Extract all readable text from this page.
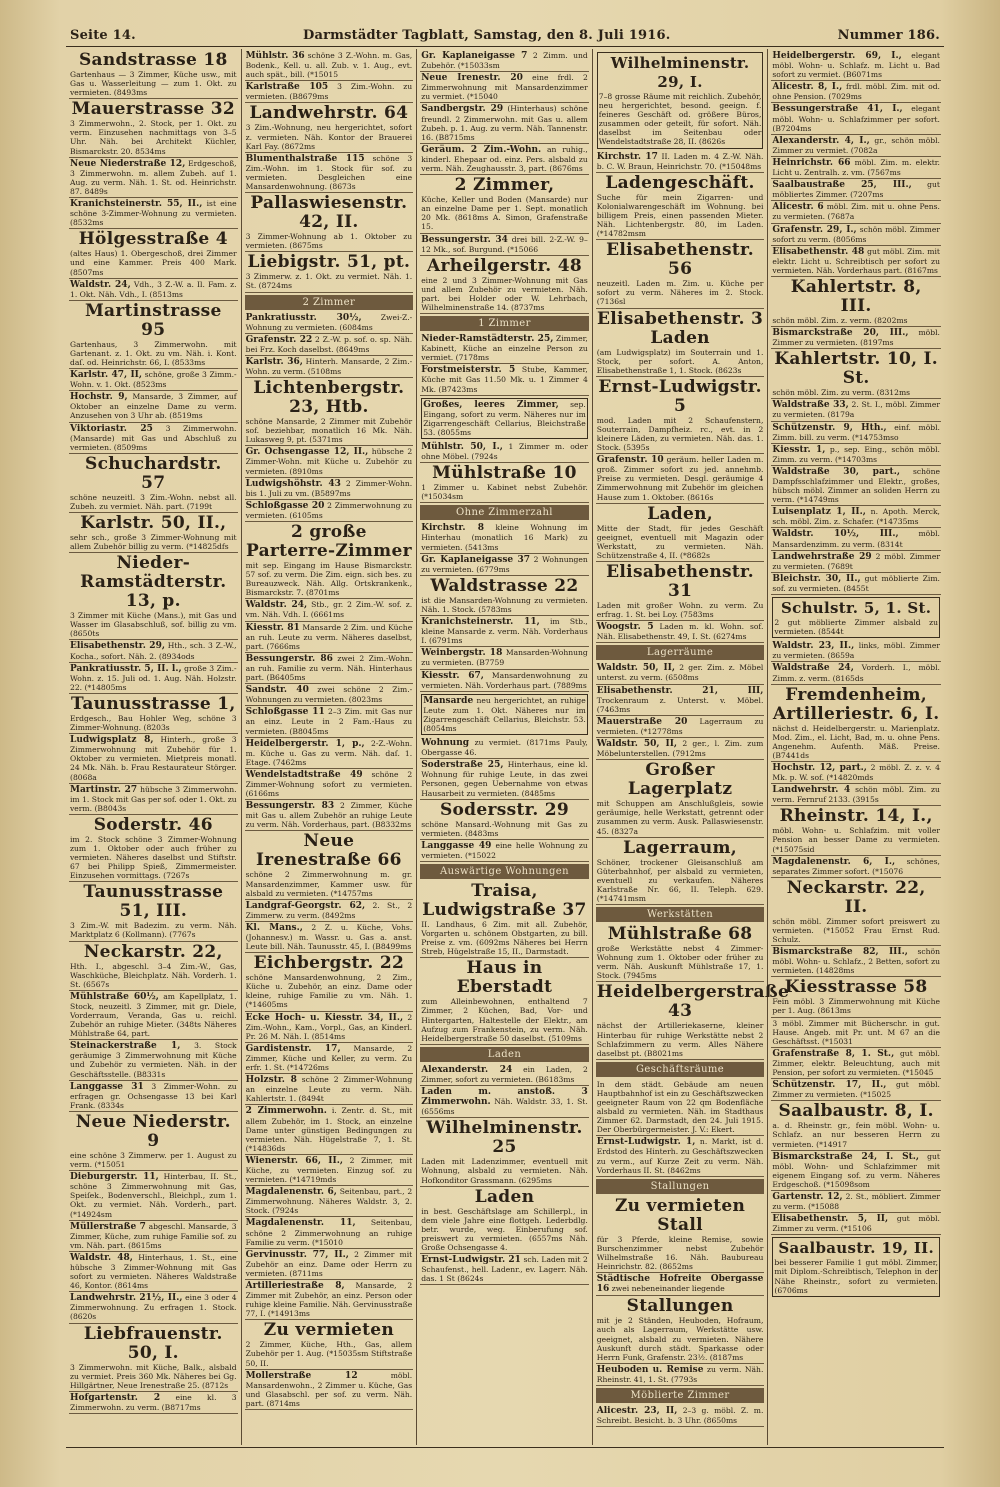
Seite 14.	Darmstädter Tagblatt, Samstag, den 8. Juli 1916.	Nummer 186.
Sandstrasse 18
Gartenhaus — 3 Zimmer, Küche usw., mit Gas u. Wasserleitung — zum 1. Okt. zu vermieten. (8493ms
Mauerstrasse 32
3 Zimmerwohn., 2. Stock, per 1. Okt. zu verm. Einzusehen nachmittags von 3–5 Uhr. Näh. bei Architekt Küchler, Bismarckstr. 20. 8534ms
Neue Niederstraße 12, Erdgeschoß, 3 Zimmerwohn. m. allem Zubeh. auf 1. Aug. zu verm. Näh. 1. St. od. Heinrichstr. 87. 8489s
Kranichsteinerstr. 55, II., ist eine schöne 3-Zimmer-Wohnung zu vermieten. (8532ms
Hölgesstraße 4
(altes Haus) 1. Obergeschoß, drei Zimmer und eine Kammer. Preis 400 Mark. (8507ms
Waldstr. 24, Vdh., 3 Z.-W. a. Il. Fam. z. 1. Okt. Näh. Vdh., I. (8513ms
Martinstrasse 95
Gartenhaus, 3 Zimmerwohn. mit Gartenant. z. 1. Okt. zu vm. Näh. i. Kont. daſ. od. Heinrichstr. 66, I. (8533ms
Karlstr. 47, II, schöne, große 3 Zimm.-Wohn. v. 1. Okt. (8523ms
Hochstr. 9, Mansarde, 3 Zimmer, auf Oktober an einzelne Dame zu verm. Anzusehen von 3 Uhr ab. (8519ms
Viktoriastr. 25 3 Zimmerwohn. (Mansarde) mit Gas und Abschluß zu vermieten. (8509ms
Schuchardstr. 57
schöne neuzeitl. 3 Zim.-Wohn. nebst all. Zubeh. zu vermiet. Näh. part. (7199t
Karlstr. 50, II.,
sehr sch., große 3 Zimmer-Wohnung mit allem Zubehör billig zu verm. (*14825dfs
Nieder-Ramstädterstr. 13, p.
3 Zimmer mit Küche (Mans.), mit Gas und Wasser im Glasabschluß, sof. billig zu vm. (8650ts
Elisabethenstr. 29, Hth., sch. 3 Z.-W., Kocha., sofort. Näh. 2. (8934ods
Pankratiusstr. 5, II. l., große 3 Zim.-Wohn. z. 15. Juli od. 1. Aug. Näh. Holzstr. 22. (*14805ms
Taunusstrasse 1,
Erdgesch., Bau Hohler Weg, schöne 3 Zimmer-Wohnung. (8203s
Ludwigsplatz 8, Hinterh., große 3 Zimmerwohnung mit Zubehör für 1. Oktober zu vermieten. Mietpreis monatl. 24 Mk. Näh. b. Frau Restaurateur Störger. (8068a
Martinstr. 27 hübsche 3 Zimmerwohn. im 1. Stock mit Gas per sof. oder 1. Okt. zu verm. (B8043s
Soderstr. 46
im 2. Stock schöne 3 Zimmer-Wohnung zum 1. Oktober oder auch früher zu vermieten. Näheres daselbst und Stiftstr. 67 bei Philipp Spieß, Zimmermeister. Einzusehen vormittags. (7267s
Taunusstrasse 51, III.
3 Zim.-W. mit Badezim. zu verm. Näh. Marktplatz 6 (Kollmann). (7767s
Neckarstr. 22,
Hth. I., abgeschl. 3–4 Zim.-W., Gas, Waschküche, Bleichplatz. Näh. Vorderh. 1. St. (6567s
Mühlstraße 60½, am Kapellplatz, 1. Stock, neuzeitl. 3 Zimmer, mit gr. Diele, Vorderraum, Veranda, Gas u. reichl. Zubehör an ruhige Mieter. (348ts Näheres Mühlstraße 64, part.
Steinackerstraße 1, 3. Stock geräumige 3 Zimmerwohnung mit Küche und Zubehör zu vermieten. Näh. in der Geschäftsstelle. (B8331s
Langgasse 31 3 Zimmer-Wohn. zu erfragen gr. Ochsengasse 13 bei Karl Frank. (8334s
Neue Niederstr. 9
eine schöne 3 Zimmerw. per 1. August zu verm. (*15051
Dieburgerstr. 11, Hinterbau, II. St., schöne 3 Zimmerwohnung mit Gas, Speiſek., Bodenverschl., Bleichpl., zum 1. Okt. zu vermiet. Näh. Vorderh., part. (*14924sm
Müllerstraße 7 abgeschl. Mansarde, 3 Zimmer, Küche, zum ruhige Familie sof. zu vm. Näh. part. (8615ms
Waldstr. 48, Hinterhaus, 1. St., eine hübsche 3 Zimmer-Wohnung mit Gas sofort zu vermieten. Näheres Waldstraße 46, Kontor. (8614ms
Landwehrstr. 21½, II., eine 3 oder 4 Zimmerwohnung. Zu erfragen 1. Stock. (8620s
Liebfrauenstr. 50, I.
3 Zimmerwohn. mit Küche, Balk., alsbald zu vermiet. Preis 360 Mk. Näheres bei Gg. Hillgärtner, Neue Irenestraße 25. (8712s
Hofgartenstr. 2 eine kl. 3 Zimmerwohn. zu verm. (B8717ms
Mühlstr. 36 schöne 3 Z.-Wohn. m. Gas, Bodenk., Kell. u. all. Zub. v. 1. Aug., evt. auch spät., bill. (*15015
Karlstraße 105 3 Zim.-Wohn. zu vermieten. (B8679ms
Landwehrstr. 64
3 Zim.-Wohnung, neu hergerichtet, sofort z. vermieten. Näh. Kontor der Brauerei Karl Fay. (8672ms
Blumenthalstraße 115 schöne 3 Zim.-Wohn. im 1. Stock für sof. zu vermieten. Desgleichen eine Mansardenwohnung. (8673s
Pallaswiesenstr. 42, II.
3 Zimmer-Wohnung ab 1. Oktober zu vermieten. (8675ms
Liebigstr. 51, pt.
3 Zimmerw. z. 1. Okt. zu vermiet. Näh. 1. St. (8724ms
2 Zimmer
Pankratiusstr. 30½,	Zwei-Z.-Wohnung zu vermieten. (6084ms
Grafenstr. 22 2 Z.-W. p. sof. o. sp. Näh. bei Frz. Koch daselbst. (8649ms
Karlstr. 36, Hinterh. Mansarde, 2 Zim.-Wohn. zu verm. (5108ms
Lichtenbergstr. 23, Htb.
schöne Mansarde, 2 Zimmer mit Zubehör sof. beziehbar, monatlich 16 Mk. Näh. Lukasweg 9, pt. (5371ms
Gr. Ochsengasse 12, II., hübsche 2 Zimmer-Wohn. mit Küche u. Zubehör zu vermieten. (8910ms
Ludwigshöhstr. 43 2 Zimmer-Wohn. bis 1. Juli zu vm. (B5897ms
Schloßgasse 20 2 Zimmerwohnung zu vermieten. (6105ms
2 große Parterre-Zimmer
mit sep. Eingang im Hause Bismarckstr. 57 sof. zu verm. Die Zim. eign. sich bes. zu Bureauzweck. Näh. Allg. Ortskrankenk., Bismarckstr. 7. (8701ms
Waldstr. 24, Stb., gr. 2 Zim.-W. sof. z. vm. Näh. Vdh. I. (6661ms
Kiesstr. 81 Mansarde 2 Zim. und Küche an ruh. Leute zu verm. Näheres daselbst, part. (7666ms
Bessungerstr. 86 zwei 2 Zim.-Wohn. an ruh. Familie zu verm. Näh. Hinterhaus part. (B6405ms
Sandstr. 40 zwei schöne 2 Zim.-Wohnungen zu vermieten. (8023ms
Schloßgasse 11 2–3 Zim. mit Gas nur an einz. Leute in 2 Fam.-Haus zu vermieten. (B8045ms
Heidelbergerstr. 1, p., 2-Z.-Wohn. m. Küche u. Gas zu verm. Näh. daſ. 1. Etage. (7462ms
Wendelstadtstraße 49 schöne 2 Zimmer-Wohnung sofort zu vermieten. (6166ms
Bessungerstr. 83 2 Zimmer, Küche mit Gas u. allem Zubehör an ruhige Leute zu verm. Näh. Vorderhaus, part. (B8332ms
Neue Irenestraße 66
schöne 2 Zimmerwohnung m. gr. Mansardenzimmer, Kammer usw. für alsbald zu vermieten. (*14757ms
Landgraf-Georgstr. 62, 2. St., 2 Zimmerw. zu verm. (8492ms
Kl. Mans., 2 Z. u. Küche, Vohs. (Johannesv.) m. Wassr. u. Gas a. anst. Leute bill. Näh. Taunusstr. 45, I. (B8499ms
Eichbergstr. 22
schöne Mansardenwohnung, 2 Zim., Küche u. Zubehör, an einz. Dame oder kleine, ruhige Familie zu vm. Näh. 1. (*14605ms
Ecke Hoch- u. Kiesstr. 34, II., 2 Zim.-Wohn., Kam., Vorpl., Gas, an Kinderl. Pr. 26 M. Näh. I. (8514ms
Gardistenstr. 17, Mansarde, 2 Zimmer, Küche und Keller, zu verm. Zu erfr. 1. St. (*14726ms
Holzstr. 8 schöne 2 Zimmer-Wohnung an einzelne Leute zu verm. Näh. Kahlertstr. 1. (8494t
2 Zimmerwohn. i. Zentr. d. St., mit allem Zubehör, im 1. Stock, an einzelne Dame unter günstigen Bedingungen zu vermieten. Näh. Hügelstraße 7, 1. St. (*14836ds
Wienerstr. 66, II., 2 Zimmer, mit Küche, zu vermieten. Einzug sof. zu vermieten. (*14719mds
Magdalenenstr. 6, Seitenbau, part., 2 Zimmerwohnung. Näheres Waldstr. 3, 2. Stock. (7924s
Magdalenenstr. 11, Seitenbau, schöne 2 Zimmerwohnung an ruhige Familie zu verm. (*15010
Gervinusstr. 77, II., 2 Zimmer mit Zubehör an einz. Dame oder Herrn zu vermieten. (8711ms
Artilleriestraße 8, Mansarde, 2 Zimmer mit Zubehör, an einz. Person oder ruhige kleine Familie. Näh. Gervinusstraße 77, I. (*14913ms
Zu vermieten
2 Zimmer, Küche, Hth., Gas, allem Zubehör per 1. Aug. (*15035sm Stiftstraße 50, II.
Mollerstraße 12	möbl. Mansardenwohn., 2 Zimmer u. Küche, Gas und Glasabschl. per sof. zu verm. Näh. part. (8714ms
Gr. Kaplaneigasse 7 2 Zimm. und Zubehör. (*15033sm
Neue Irenestr. 20 eine frdl. 2 Zimmerwohnung mit Mansardenzimmer zu vermiet. (*15040
Sandbergstr. 29 (Hinterhaus) schöne freundl. 2 Zimmerwohn. mit Gas u. allem Zubeh. p. 1. Aug. zu verm. Näh. Tannenstr. 16. (B8715ms
Geräum. 2 Zim.-Wohn. an ruhig., kinderl. Ehepaar od. einz. Pers. alsbald zu verm. Näh. Zeughausstr. 3, part. (8676ms
2 Zimmer,
Küche, Keller und Boden (Mansarde) nur an einzelne Dame per 1. Sept. monatlich 20 Mk. (8618ms A. Simon, Grafenstraße 15.
Bessungerstr. 34 drei bill. 2-Z.-W. 9–12 Mk., sof. Burgund. (*15066
Arheilgerstr. 48
eine 2 und 3 Zimmer-Wohnung mit Gas und allem Zubehör zu vermieten. Näh. part. bei Holder oder W. Lehrbach, Wilhelminenstraße 14. (8737ms
1 Zimmer
Nieder-Ramstädterstr. 25, Zimmer, Kabinett, Küche an einzelne Person zu vermiet. (7178ms
Forstmeisterstr. 5 Stube, Kammer, Küche mit Gas 11.50 Mk. u. 1 Zimmer 4 Mk. (B7423ms
Großes, leeres Zimmer, sep. Eingang, sofort zu verm. Näheres nur im Zigarrengeschäft Cellarius, Bleichstraße 53. (8055ms
Mühlstr. 50, I., 1 Zimmer m. oder ohne Möbel. (7924s
Mühlstraße 10
1 Zimmer u. Kabinet nebst Zubehör. (*15034sm
Ohne Zimmerzahl
Kirchstr. 8 kleine Wohnung im Hinterhau (monatlich 16 Mark) zu vermieten. (5413ms
Gr. Kaplaneigasse 37 2 Wohnungen zu vermieten. (6779ms
Waldstrasse 22
ist die Mansarden-Wohnung zu vermieten. Näh. 1. Stock. (5783ms
Kranichsteinerstr. 11, im Stb., kleine Mansarde z. verm. Näh. Vorderhaus I. (6791ms
Weinbergstr. 18 Mansarden-Wohnung zu vermieten. (B7759
Kiesstr. 67, Mansardenwohnung zu vermieten. Näh. Vorderhaus part. (7889ms
Mansarde neu hergerichtet, an ruhige Leute zum 1. Okt. Näheres nur im Zigarrengeschäft Cellarius, Bleichstr. 53. (8054ms
Wohnung zu vermiet. (8171ms Pauly, Obergasse 46.
Soderstraße 25, Hinterhaus, eine kl. Wohnung für ruhige Leute, in das zwei Personen, gegen Uebernahme von etwas Hausarbeit zu vermieten. (8485ms
Sodersstr. 29
schöne Mansard.-Wohnung mit Gas zu vermieten. (8483ms
Langgasse 49 eine helle Wohnung zu vermieten. (*15022
Auswärtige Wohnungen
Traisa, Ludwigstraße 37
II. Landhaus, 6 Zim. mit all. Zubehör, Vorgarten u. schönem Obstgarten, zu bill. Preise z. vm. (6092ms Näheres bei Herrn Streb, Hügelstraße 15, II., Darmstadt.
Haus in Eberstadt
zum Alleinbewohnen, enthaltend 7 Zimmer, 2 Küchen, Bad, Vor- und Hintergarten, Haltestelle der Elektr., am Aufzug zum Frankenstein, zu verm. Näh. Heidelbergerstraße 50 daselbst. (5109ms
Laden
Alexanderstr. 24 ein Laden, 2 Zimmer, sofort zu vermieten. (B6183ms
Laden m. anstoß. 3 Zimmerwohn. Näh. Waldstr. 33, 1. St. (6556ms
Wilhelminenstr. 25
Laden mit Ladenzimmer, eventuell mit Wohnung, alsbald zu vermieten. Näh. Hofkonditor Grassmann. (6295ms
Laden
in best. Geschäftslage am Schillerpl., in dem viele Jahre eine flottgeh. Lederbdlg. betr. wurde, weg. Einberufung sof. preiswert zu vermieten. (6557ms Näh. Große Ochsengasse 4.
Ernst-Ludwigstr. 21 sch. Laden mit 2 Schaufenst., hell. Ladenr., ev. Lagerr. Näh. das. 1 St (8624s
Wilhelminenstr. 29, I.
7–8 grosse Räume mit reichlich. Zubehör, neu hergerichtet, besond. geeign. f. feineres Geschäft od. größere Büros, zusammen oder geteilt, für sofort. Näh. daselbst im Seitenbau oder Wendelstadtstraße 28, II. (8626s
Kirchstr. 17 II. Laden m. 4 Z.-W. Näh. b. C. W. Braun, Heinrichstr. 70. (*15048ms
Ladengeschäft.
Suche für mein Zigarren- und Kolonialwarengeschäft im Wohnung. bei billigem Preis, einen passenden Mieter. Näh. Lichtenbergstr. 80, im Laden. (*14782msm
Elisabethenstr. 56
neuzeitl. Laden m. Zim. u. Küche per sofort zu verm. Näheres im 2. Stock. (7136sl
Elisabethenstr. 3 Laden
(am Ludwigsplatz) im Souterrain und 1. Stock, per sofort. A. Anton, Elisabethenstraße 1, 1. Stock. (8623s
Ernst-Ludwigstr. 5
mod. Laden mit 2 Schaufenstern, Souterrain, Dampfheiz. rc., evt. in 2 kleinere Läden, zu vermieten. Näh. das. 1. Stock. (5395s
Grafenstr. 10 geräum. heller Laden m. groß. Zimmer sofort zu jed. annehmb. Preise zu vermieten. Desgl. geräumige 4 Zimmerwohnung mit Zubehör im gleichen Hause zum 1. Oktober. (8616s
Laden,
Mitte der Stadt, für jedes Geschäft geeignet, eventuell mit Magazin oder Werkstatt, zu vermieten. Näh. Schützenstraße 4, II. (*8682s
Elisabethenstr. 31
Laden mit großer Wohn. zu verm. Zu erfrag. 1. St. bei Loy. (7583ms
Woogstr. 5 Laden m. kl. Wohn. sof. Näh. Elisabethenstr. 49, I. St. (6274ms
Lagerräume
Waldstr. 50, II, 2 ger. Zim. z. Möbel unterst. zu verm. (6508ms
Elisabethenstr. 21, III, Trockenraum z. Unterst. v. Möbel. (7463ms
Mauerstraße 20 Lagerraum zu vermieten. (*12778ms
Waldstr. 50, II, 2 ger., l. Zim. zum Möbelunterstellen. (7912ms
Großer Lagerplatz
mit Schuppen am Anschlußgleis, sowie geräumige, helle Werkstatt, getrennt oder zusammen zu verm. Ausk. Pallaswiesenstr. 45. (8327a
Lagerraum,
Schöner, trockener Gleisanschluß am Güterbahnhof, per alsbald zu vermieten, eventuell zu verkaufen. Näheres Karlstraße Nr. 66, II. Teleph. 629. (*14741msm
Werkstätten
Mühlstraße 68
große Werkstätte nebst 4 Zimmer-Wohnung zum 1. Oktober oder früher zu verm. Näh. Auskunft Mühlstraße 17, 1. Stock. (7945ms
Heidelbergerstraße 43
nächst der Artilleriekaserne, kleiner Hinterbau für ruhige Werkstätte nebst 2 Schlafzimmern zu verm. Alles Nähere daselbst pt. (B8021ms
Geschäftsräume
In dem städt. Gebäude am neuen Hauptbahnhof ist ein zu Geschäftszwecken geeigneter Raum von 22 qm Bodenfläche alsbald zu vermieten. Näh. im Stadthaus Zimmer 62. Darmstadt, den 24. Juli 1915. Der Oberbürgermeister. J. V.: Ekert.
Ernst-Ludwigstr. 1, n. Markt, ist d. Erdstod des Hinterh. zu Geschäftszwecken zu verm., auf Kurze Zeit zu verm. Näh. Vorderhaus II. St. (8462ms
Stallungen
Zu vermieten Stall
für 3 Pferde, kleine Remise, sowie Burschenzimmer nebst Zubehör Wilhelmstraße 16. Näh. Baubureau Heinrichstr. 82. (8652ms
Städtische Hofreite Obergasse 16 zwei nebeneinander liegende
Stallungen
mit je 2 Ständen, Heuboden, Hofraum, auch als Lagerraum, Werkstätte usw. geeignet, alsbald zu vermieten. Nähere Auskunft durch städt. Sparkasse oder Herrn Funk, Grafenstr. 23½. (8187ms
Heuboden u. Remise zu verm. Näh. Rheinstr. 41, 1. St. (7793s
Möblierte Zimmer
Alicestr. 23, II, 2–3 g. möbl. Z. m. Schreibt. Besicht. b. 3 Uhr. (8650ms
Heidelbergerstr. 69, I., elegant möbl. Wohn- u. Schlafz. m. Licht u. Bad sofort zu vermiet. (B6071ms
Alicestr. 8, I., frdl. möbl. Zim. mit od. ohne Pension. (7029ms
Bessungerstraße 41, I., elegant möbl. Wohn- u. Schlafzimmer per sofort. (B7204ms
Alexanderstr. 4, I., gr., schön möbl. Zimmer zu vermiet. (7082a
Heinrichstr. 66 möbl. Zim. m. elektr. Licht u. Zentralh. z. vm. (7567ms
Saalbaustraße 25, III., gut möbliertes Zimmer. (7207ms
Alicestr. 6 möbl. Zim. mit u. ohne Pens. zu vermieten. (7687a
Grafenstr. 29, I., schön möbl. Zimmer sofort zu verm. (8056ms
Elisabethenstr. 48 gut möbl. Zim. mit elektr. Licht u. Schreibtisch per sofort zu vermieten. Näh. Vorderhaus part. (8167ms
Kahlertstr. 8, III.
schön möbl. Zim. z. verm. (8202ms
Bismarckstraße 20, III., möbl. Zimmer zu vermieten. (8197ms
Kahlertstr. 10, I. St.
schön möbl. Zim. zu verm. (8312ms
Waldstraße 33, 2. St. I., möbl. Zimmer zu vermieten. (8179a
Schützenstr. 9, Hth., einf. möbl. Zimm. bill. zu verm. (*14753mso
Kiesstr. 1, p., sep. Eing., schön möbl. Zimm. zu verm. (*14703ms
Waldstraße 30, part., schöne Dampfsschlafzimmer und Elektr., großes, hübsch möbl. Zimmer an soliden Herrn zu verm. (*14749ms
Luisenplatz 1, II., n. Apoth. Merck, sch. möbl. Zim. z. Schafer. (*14735ms
Waldstr. 10½, III.,	möbl. Mansardenzimm. zu verm. (8314t
Landwehrstraße 29 2 möbl. Zimmer zu vermieten. (7689t
Bleichstr. 30, II., gut möblierte Zim. sof. zu vermieten. (8455t
Schulstr. 5, 1. St.
2 gut möblierte Zimmer alsbald zu vermieten. (8544t
Waldstr. 23, II., links, möbl. Zimmer zu vermieten. (8659a
Waldstraße 24, Vorderh. I., möbl. Zimm. z. verm. (8165ds
Fremdenheim, Artilleriestr. 6, I.
nächst d. Heidelbergerstr. u. Marienplatz. Mod. Zim., el. Licht, Bad, m. u. ohne Pens. Angenehm. Aufenth. Mäß. Preise. (B7441ds
Hochstr. 12, part., 2 möbl. Z. z. v. 4 Mk. p. W. sof. (*14820mds
Landwehrstr. 4 schön möbl. Zim. zu verm. Fernruf 2133. (3915s
Rheinstr. 14, I.,
möbl. Wohn- u. Schlafzim. mit voller Pension an besser Dame zu vermieten. (*15075sid
Magdalenenstr. 6, I., schönes, separates Zimmer sofort. (*15076
Neckarstr. 22, II.
schön möbl. Zimmer sofort preiswert zu vermieten. (*15052 Frau Ernst Rud. Schulz.
Bismarckstraße 82, III., schön möbl. Wohn- u. Schlafz., 2 Betten, sofort zu vermieten. (14828ms
Kiesstrasse 58
Fein möbl. 3 Zimmerwohnung mit Küche per 1. Aug. (8613ms
3 möbl. Zimmer mit Bücherschr. in gut. Hause. Angeb. mit Pr. unt. M 67 an die Geschäftsst. (*15031
Grafenstraße 8, 1. St., gut möbl. Zimmer, elektr. Beleuchtung, auch mit Pension, per sofort zu vermieten. (*15045
Schützenstr. 17, II., gut möbl. Zimmer zu vermieten. (*15025
Saalbaustr. 8, I.
a. d. Rheinstr. gr., fein möbl. Wohn- u. Schlafz. an nur besseren Herrn zu vermieten. (*14917
Bismarckstraße 24, I. St., gut möbl. Wohn- und Schlafzimmer mit eigenem Eingang sof. zu verm. Näheres Erdgeschoß. (*15098som
Gartenstr. 12, 2. St., möbliert. Zimmer zu verm. (*15088
Elisabethenstr. 5, II, gut möbl. Zimmer zu verm. (*15106
Saalbaustr. 19, II.
bei besserer Familie 1 gut möbl. Zimmer, mit Diplom.-Schreibtisch, Telephon in der Nähe Rheinstr., sofort zu vermieten. (6706ms
